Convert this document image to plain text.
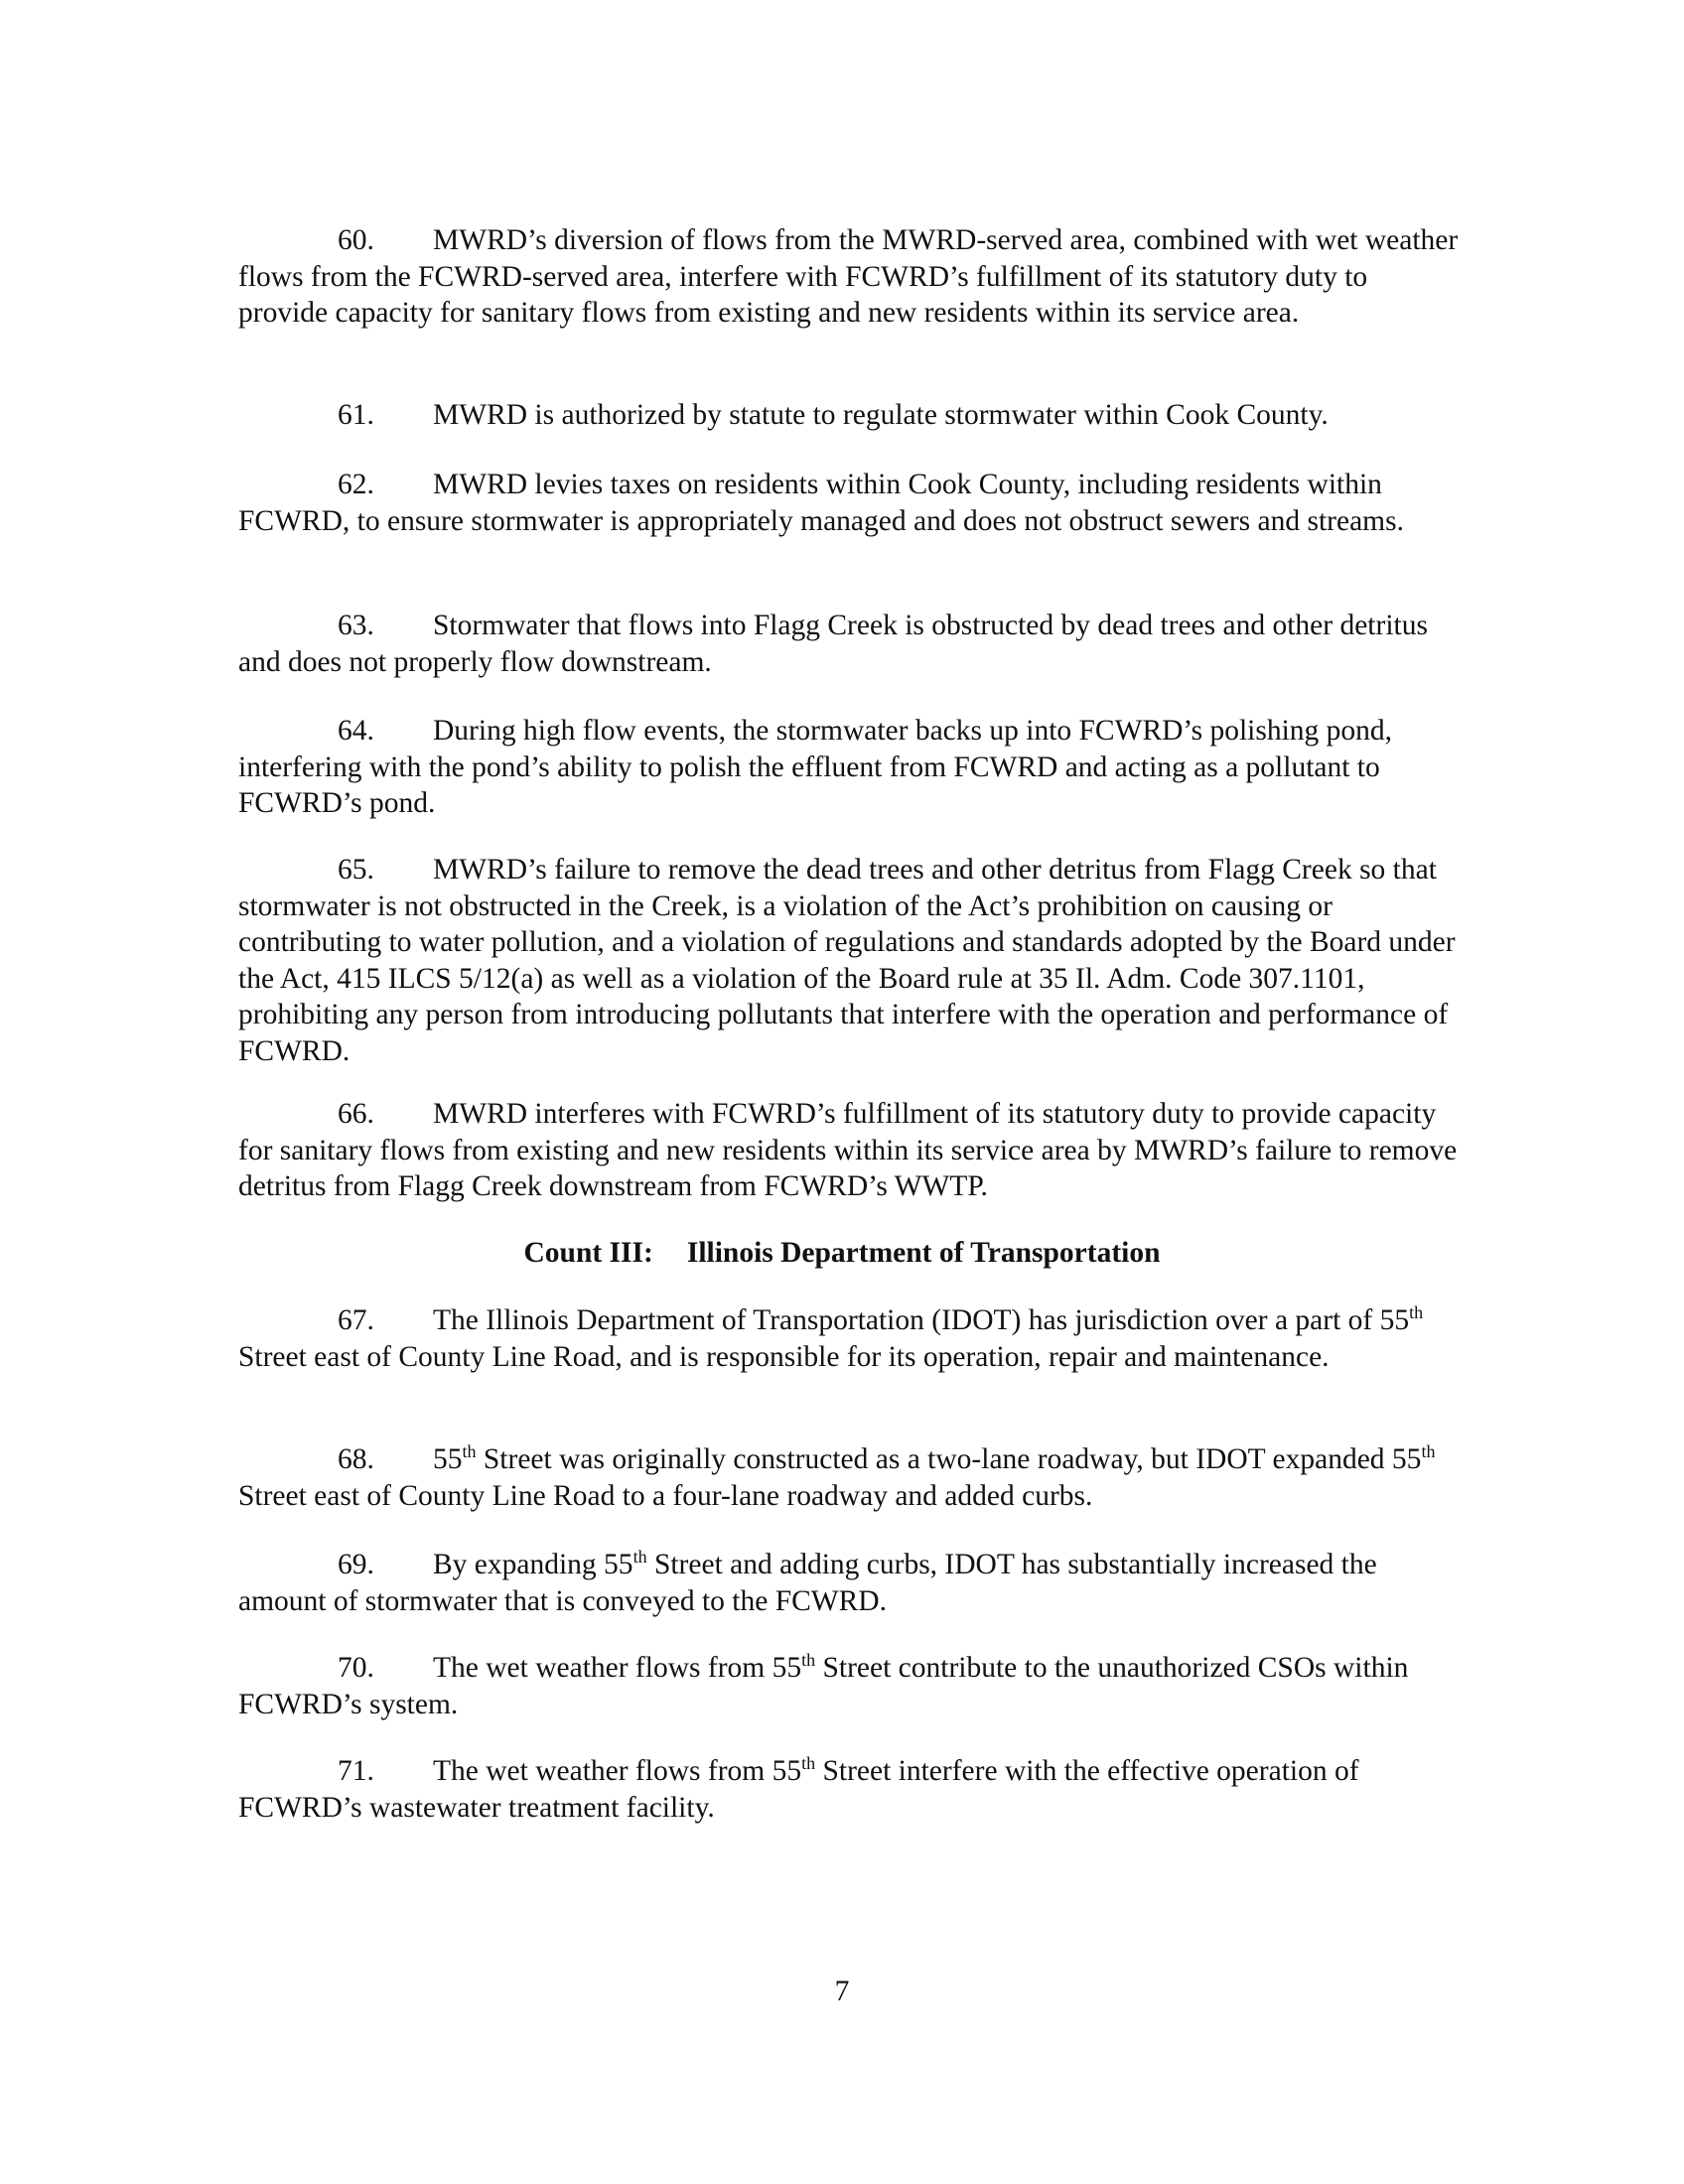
60. MWRD’s diversion of flows from the MWRD-served area, combined with wet weather flows from the FCWRD-served area, interfere with FCWRD’s fulfillment of its statutory duty to provide capacity for sanitary flows from existing and new residents within its service area.

61. MWRD is authorized by statute to regulate stormwater within Cook County.

62. MWRD levies taxes on residents within Cook County, including residents within FCWRD, to ensure stormwater is appropriately managed and does not obstruct sewers and streams.

63. Stormwater that flows into Flagg Creek is obstructed by dead trees and other detritus and does not properly flow downstream.

64. During high flow events, the stormwater backs up into FCWRD’s polishing pond, interfering with the pond’s ability to polish the effluent from FCWRD and acting as a pollutant to FCWRD’s pond.

65. MWRD’s failure to remove the dead trees and other detritus from Flagg Creek so that stormwater is not obstructed in the Creek, is a violation of the Act’s prohibition on causing or contributing to water pollution, and a violation of regulations and standards adopted by the Board under the Act, 415 ILCS 5/12(a) as well as a violation of the Board rule at 35 Il. Adm. Code 307.1101, prohibiting any person from introducing pollutants that interfere with the operation and performance of FCWRD.

66. MWRD interferes with FCWRD’s fulfillment of its statutory duty to provide capacity for sanitary flows from existing and new residents within its service area by MWRD’s failure to remove detritus from Flagg Creek downstream from FCWRD’s WWTP.

Count III: Illinois Department of Transportation

67. The Illinois Department of Transportation (IDOT) has jurisdiction over a part of 55th Street east of County Line Road, and is responsible for its operation, repair and maintenance.

68. 55th Street was originally constructed as a two-lane roadway, but IDOT expanded 55th Street east of County Line Road to a four-lane roadway and added curbs.

69. By expanding 55th Street and adding curbs, IDOT has substantially increased the amount of stormwater that is conveyed to the FCWRD.

70. The wet weather flows from 55th Street contribute to the unauthorized CSOs within FCWRD’s system.

71. The wet weather flows from 55th Street interfere with the effective operation of FCWRD’s wastewater treatment facility.

7
